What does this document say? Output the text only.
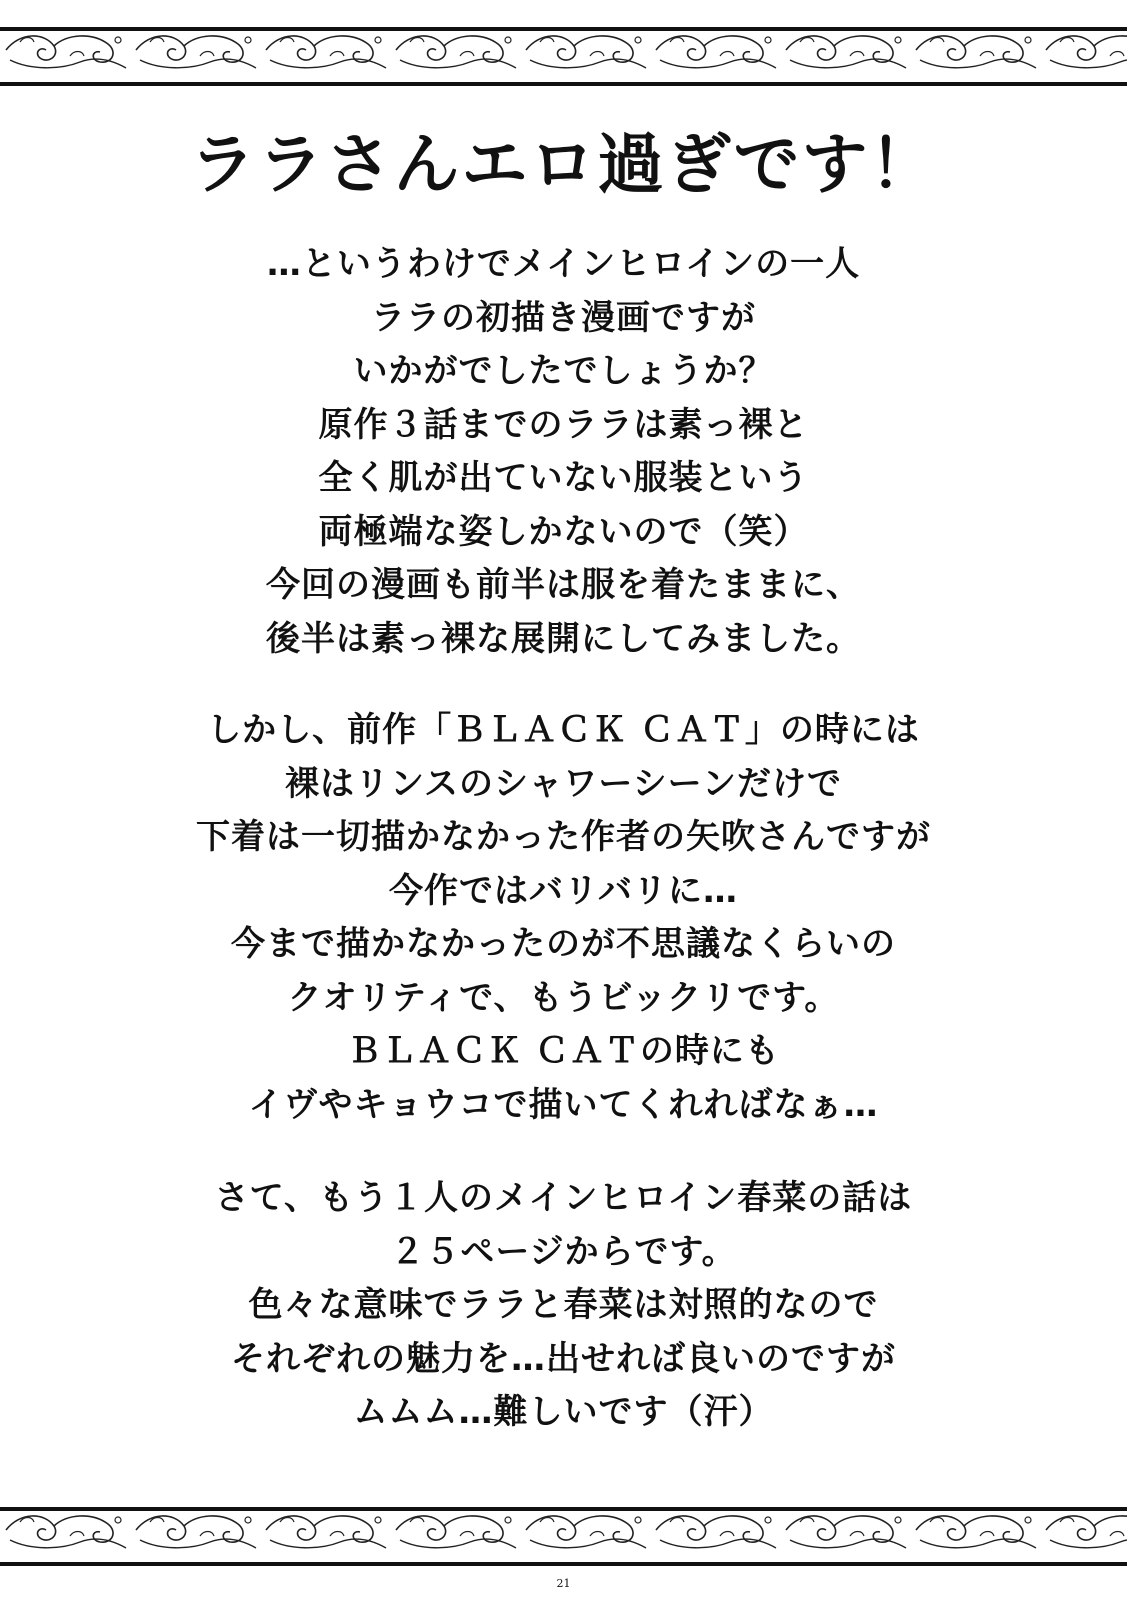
ララさんエロ過ぎです！
…というわけでメインヒロインの一人
ララの初描き漫画ですが
いかがでしたでしょうか？
原作３話までのララは素っ裸と
全く肌が出ていない服装という
両極端な姿しかないので（笑）
今回の漫画も前半は服を着たままに、
後半は素っ裸な展開にしてみました。
しかし、前作「ＢＬＡＣＫ ＣＡＴ」の時には
裸はリンスのシャワーシーンだけで
下着は一切描かなかった作者の矢吹さんですが
今作ではバリバリに…
今まで描かなかったのが不思議なくらいの
クオリティで、もうビックリです。
ＢＬＡＣＫ ＣＡＴの時にも
イヴやキョウコで描いてくれればなぁ…
さて、もう１人のメインヒロイン春菜の話は
２５ページからです。
色々な意味でララと春菜は対照的なので
それぞれの魅力を…出せれば良いのですが
ムムム…難しいです（汗）
21
